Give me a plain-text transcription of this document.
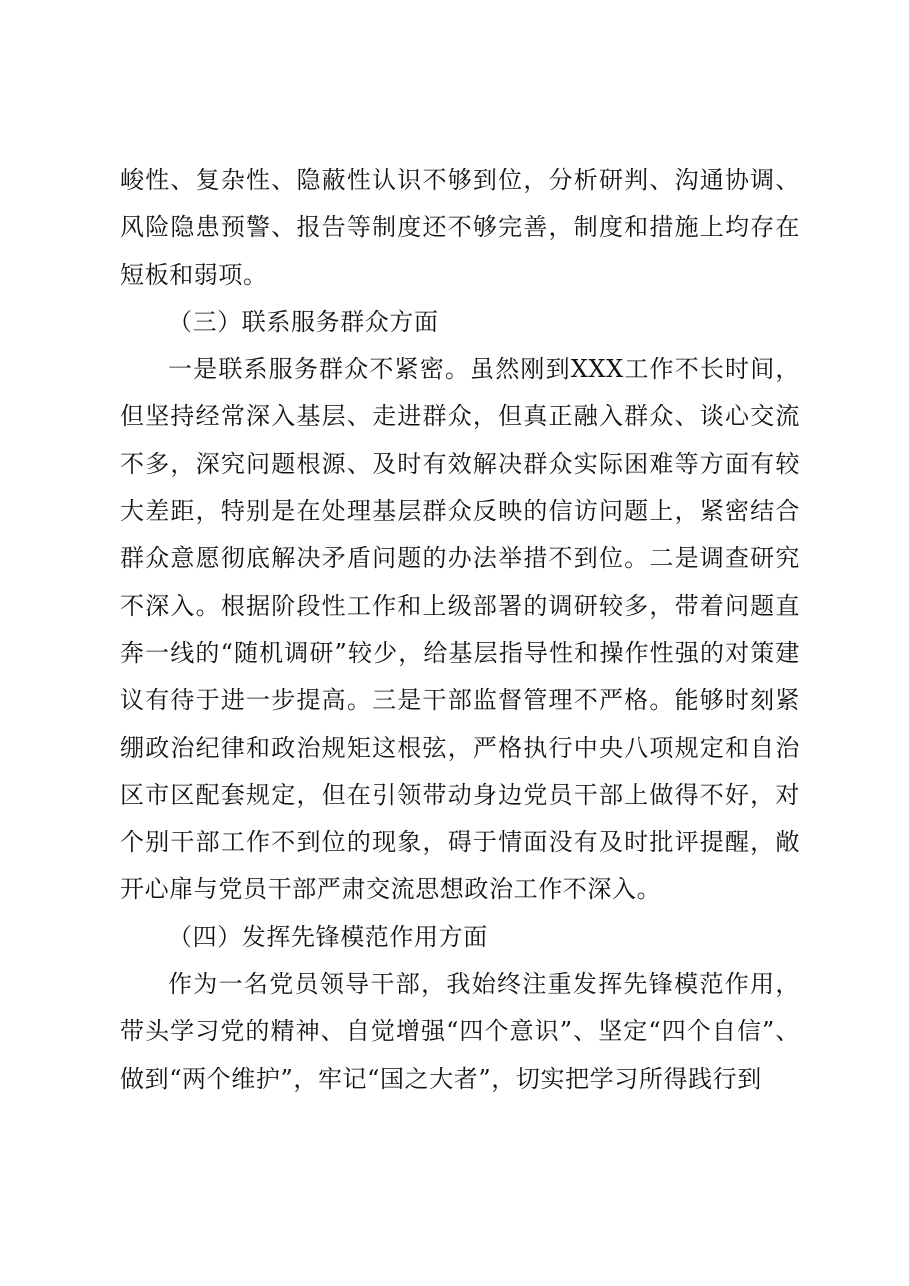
峻性、复杂性、隐蔽性认识不够到位，分析研判、沟通协调、风险隐患预警、报告等制度还不够完善，制度和措施上均存在短板和弱项。

（三）联系服务群众方面

一是联系服务群众不紧密。虽然刚到XXX工作不长时间，但坚持经常深入基层、走进群众，但真正融入群众、谈心交流不多，深究问题根源、及时有效解决群众实际困难等方面有较大差距，特别是在处理基层群众反映的信访问题上，紧密结合群众意愿彻底解决矛盾问题的办法举措不到位。二是调查研究不深入。根据阶段性工作和上级部署的调研较多，带着问题直奔一线的“随机调研”较少，给基层指导性和操作性强的对策建议有待于进一步提高。三是干部监督管理不严格。能够时刻紧绷政治纪律和政治规矩这根弦，严格执行中央八项规定和自治区市区配套规定，但在引领带动身边党员干部上做得不好，对个别干部工作不到位的现象，碍于情面没有及时批评提醒，敞开心扉与党员干部严肃交流思想政治工作不深入。

（四）发挥先锋模范作用方面

作为一名党员领导干部，我始终注重发挥先锋模范作用，带头学习党的精神、自觉增强“四个意识”、坚定“四个自信”、做到“两个维护”，牢记“国之大者”，切实把学习所得践行到
